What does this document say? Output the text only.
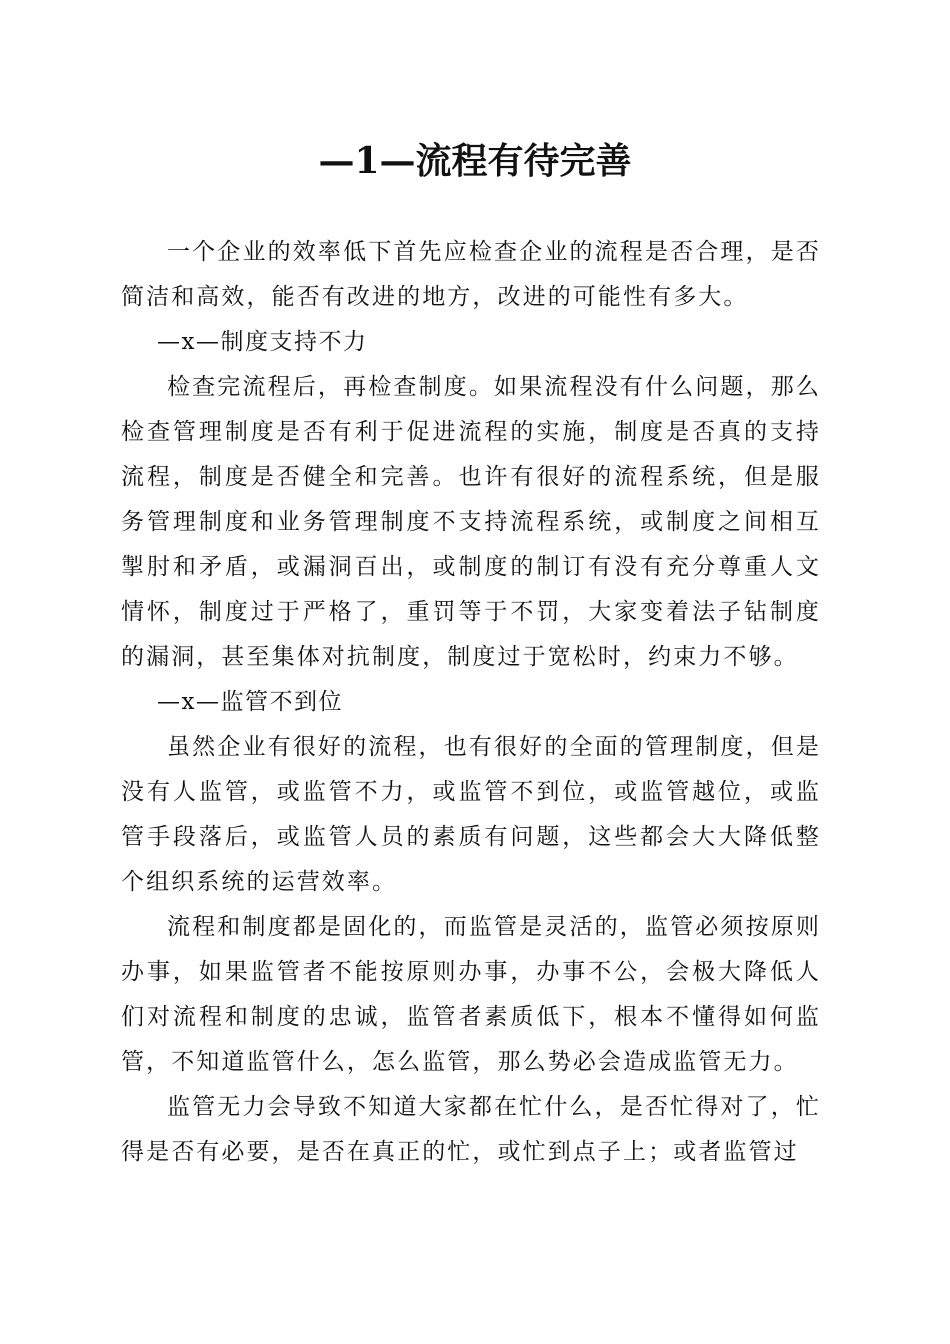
—1—流程有待完善

一个企业的效率低下首先应检查企业的流程是否合理，是否简洁和高效，能否有改进的地方，改进的可能性有多大。

—x—制度支持不力

检查完流程后，再检查制度。如果流程没有什么问题，那么检查管理制度是否有利于促进流程的实施，制度是否真的支持流程，制度是否健全和完善。也许有很好的流程系统，但是服务管理制度和业务管理制度不支持流程系统，或制度之间相互掣肘和矛盾，或漏洞百出，或制度的制订有没有充分尊重人文情怀，制度过于严格了，重罚等于不罚，大家变着法子钻制度的漏洞，甚至集体对抗制度，制度过于宽松时，约束力不够。

—x—监管不到位

虽然企业有很好的流程，也有很好的全面的管理制度，但是没有人监管，或监管不力，或监管不到位，或监管越位，或监管手段落后，或监管人员的素质有问题，这些都会大大降低整个组织系统的运营效率。

流程和制度都是固化的，而监管是灵活的，监管必须按原则办事，如果监管者不能按原则办事，办事不公，会极大降低人们对流程和制度的忠诚，监管者素质低下，根本不懂得如何监管，不知道监管什么，怎么监管，那么势必会造成监管无力。

监管无力会导致不知道大家都在忙什么，是否忙得对了，忙得是否有必要，是否在真正的忙，或忙到点子上；或者监管过
